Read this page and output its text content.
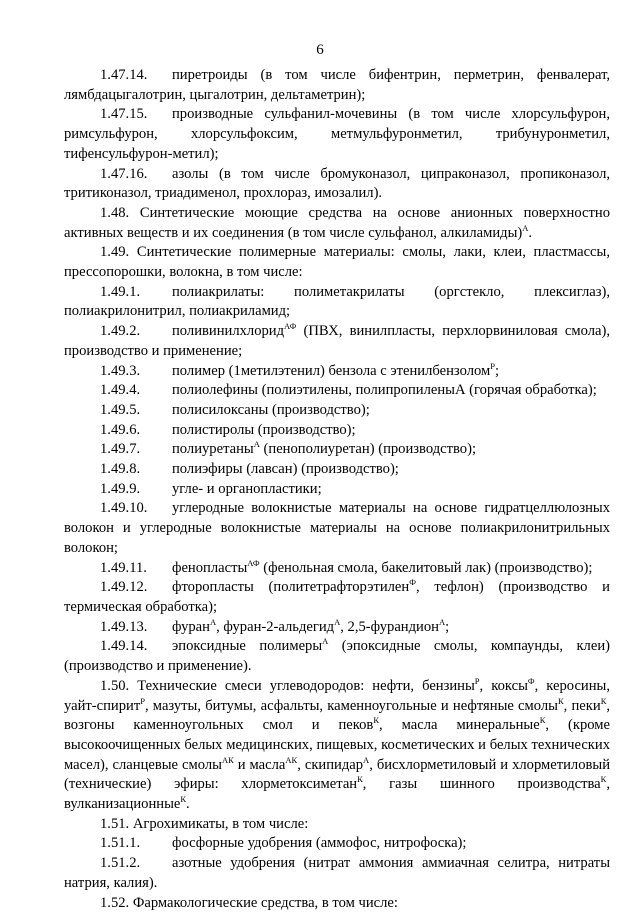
6

1.47.14. пиретроиды (в том числе бифентрин, перметрин, фенвалерат, лямбдацыгалотрин, цыгалотрин, дельтаметрин);

1.47.15. производные сульфанил-мочевины (в том числе хлорсульфурон, римсульфурон, хлорсульфоксим, метмульфуронметил, трибунуронметил, тифенсульфурон-метил);

1.47.16. азолы (в том числе бромуконазол, ципраконазол, пропиконазол, тритиконазол, триадименол, прохлораз, имозалил).

1.48. Синтетические моющие средства на основе анионных поверхностно активных веществ и их соединения (в том числе сульфанол, алкиламиды)$^А$.

1.49. Синтетические полимерные материалы: смолы, лаки, клеи, пластмассы, прессопорошки, волокна, в том числе:

1.49.1. полиакрилаты: полиметакрилаты (оргстекло, плексиглаз), полиакрилонитрил, полиакриламид;

1.49.2. поливинилхлорид$^{АФ}$ (ПВХ, винилпласты, перхлорвиниловая смола), производство и применение;

1.49.3. полимер (1метилэтенил) бензола с этенилбензолом$^Р$;

1.49.4. полиолефины (полиэтилены, полипропиленыА (горячая обработка);

1.49.5. полисилоксаны (производство);

1.49.6. полистиролы (производство);

1.49.7. полиуретаны$^А$ (пенополиуретан) (производство);

1.49.8. полиэфиры (лавсан) (производство);

1.49.9. угле- и органопластики;

1.49.10. углеродные волокнистые материалы на основе гидратцеллюлозных волокон и углеродные волокнистые материалы на основе полиакрилонитрильных волокон;

1.49.11. фенопласты$^{АФ}$ (фенольная смола, бакелитовый лак) (производство);

1.49.12. фторопласты (политетрафторэтилен$^Ф$, тефлон) (производство и термическая обработка);

1.49.13. фуран$^А$, фуран-2-альдегид$^А$, 2,5-фурандион$^А$;

1.49.14. эпоксидные полимеры$^А$ (эпоксидные смолы, компаунды, клеи) (производство и применение).

1.50. Технические смеси углеводородов: нефти, бензины$^Р$, коксы$^Ф$, керосины, уайт-спирит$^Р$, мазуты, битумы, асфальты, каменноугольные и нефтяные смолы$^К$, пеки$^К$, возгоны каменноугольных смол и пеков$^К$, масла минеральные$^К$, (кроме высокоочищенных белых медицинских, пищевых, косметических и белых технических масел), сланцевые смолы$^{АК}$ и масла$^{АК}$, скипидар$^А$, бисхлорметиловый и хлорметиловый (технические) эфиры: хлорметоксиметан$^К$, газы шинного производства$^К$, вулканизационные$^К$.

1.51. Агрохимикаты, в том числе:

1.51.1. фосфорные удобрения (аммофос, нитрофоска);

1.51.2. азотные удобрения (нитрат аммония аммиачная селитра, нитраты натрия, калия).

1.52. Фармакологические средства, в том числе:
